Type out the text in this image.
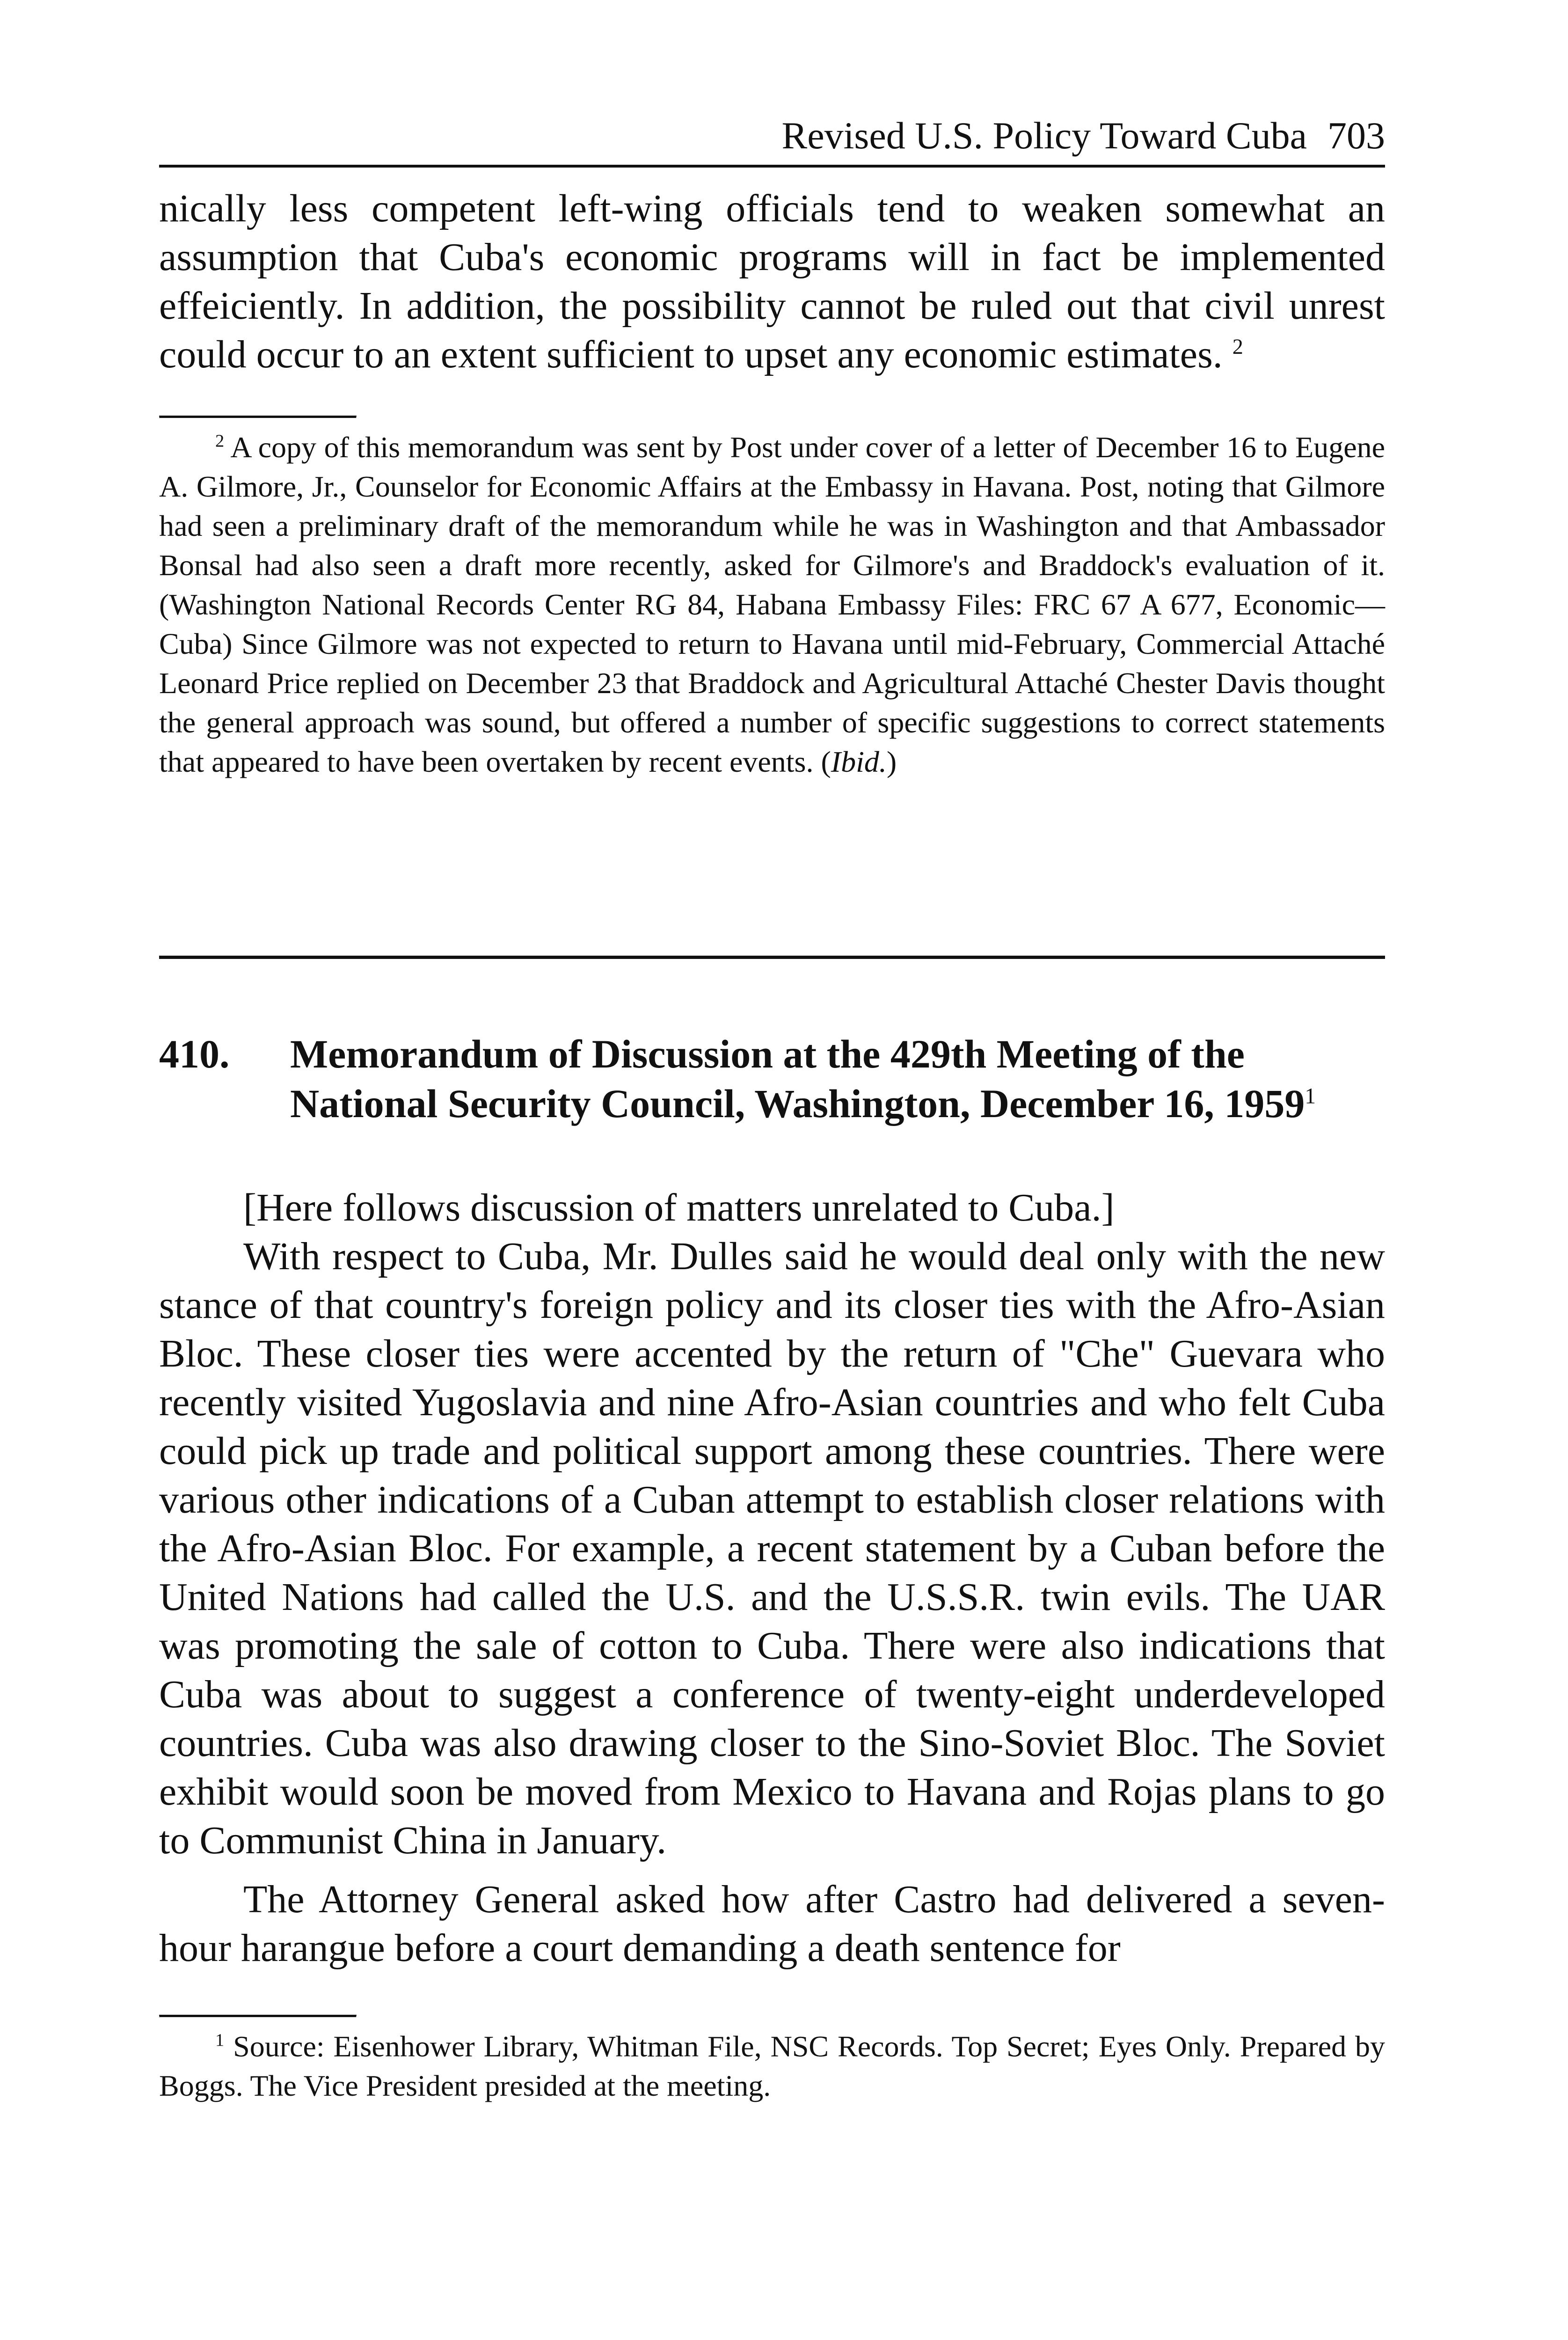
Revised U.S. Policy Toward Cuba 703

nically less competent left-wing officials tend to weaken somewhat an assumption that Cuba's economic programs will in fact be implemented effeiciently. In addition, the possibility cannot be ruled out that civil unrest could occur to an extent sufficient to upset any economic estimates. $^2$

$^2$ A copy of this memorandum was sent by Post under cover of a letter of December 16 to Eugene A. Gilmore, Jr., Counselor for Economic Affairs at the Embassy in Havana. Post, noting that Gilmore had seen a preliminary draft of the memorandum while he was in Washington and that Ambassador Bonsal had also seen a draft more recently, asked for Gilmore's and Braddock's evaluation of it. (Washington National Records Center RG 84, Habana Embassy Files: FRC 67 A 677, Economic—Cuba) Since Gilmore was not expected to return to Havana until mid-February, Commercial Attaché Leonard Price replied on December 23 that Braddock and Agricultural Attaché Chester Davis thought the general approach was sound, but offered a number of specific suggestions to correct statements that appeared to have been overtaken by recent events. (Ibid.)

410.	Memorandum of Discussion at the 429th Meeting of the National Security Council, Washington, December 16, 1959$^1$

[Here follows discussion of matters unrelated to Cuba.]

With respect to Cuba, Mr. Dulles said he would deal only with the new stance of that country's foreign policy and its closer ties with the Afro-Asian Bloc. These closer ties were accented by the return of "Che" Guevara who recently visited Yugoslavia and nine Afro-Asian countries and who felt Cuba could pick up trade and political support among these countries. There were various other indications of a Cuban attempt to establish closer relations with the Afro-Asian Bloc. For example, a recent statement by a Cuban before the United Nations had called the U.S. and the U.S.S.R. twin evils. The UAR was promoting the sale of cotton to Cuba. There were also indications that Cuba was about to suggest a conference of twenty-eight underdeveloped countries. Cuba was also drawing closer to the Sino-Soviet Bloc. The Soviet exhibit would soon be moved from Mexico to Havana and Rojas plans to go to Communist China in January.

The Attorney General asked how after Castro had delivered a seven-hour harangue before a court demanding a death sentence for

$^1$ Source: Eisenhower Library, Whitman File, NSC Records. Top Secret; Eyes Only. Prepared by Boggs. The Vice President presided at the meeting.
